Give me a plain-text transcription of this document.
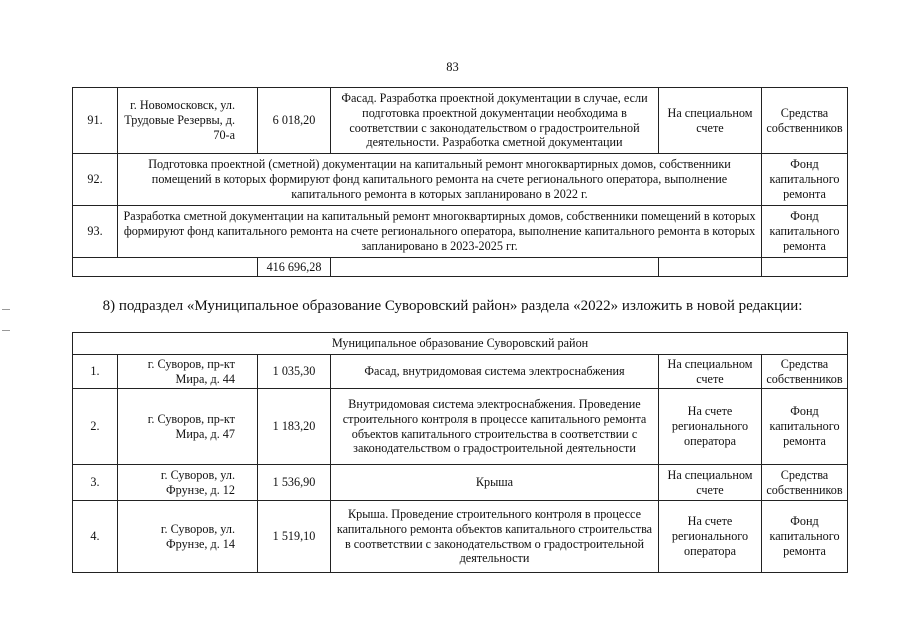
83
91.	г. Новомосковск, ул. Трудовые Резервы, д. 70-а	6 018,20	Фасад. Разработка проектной документации в случае, если подготовка проектной документации необходима в соответствии с законодательством о градостроительной деятельности. Разработка сметной документации	На специальном счете	Средства собственников
92.	Подготовка проектной (сметной) документации на капитальный ремонт многоквартирных домов, собственники помещений в которых формируют фонд капитального ремонта на счете регионального оператора, выполнение капитального ремонта в которых запланировано в 2022 г.				Фонд капитального ремонта
93.	Разработка сметной документации на капитальный ремонт многоквартирных домов, собственники помещений в которых формируют фонд капитального ремонта на счете регионального оператора, выполнение капитального ремонта в которых запланировано в 2023-2025 гг.				Фонд капитального ремонта
		416 696,28			
8) подраздел «Муниципальное образование Суворовский район» раздела «2022» изложить в новой редакции:
Муниципальное образование Суворовский район					
1.	г. Суворов, пр-кт Мира, д. 44	1 035,30	Фасад, внутридомовая система электроснабжения	На специальном счете	Средства собственников
2.	г. Суворов, пр-кт Мира, д. 47	1 183,20	Внутридомовая система электроснабжения. Проведение строительного контроля в процессе капитального ремонта объектов капитального строительства в соответствии с законодательством о градостроительной деятельности	На счете регионального оператора	Фонд капитального ремонта
3.	г. Суворов, ул. Фрунзе, д. 12	1 536,90	Крыша	На специальном счете	Средства собственников
4.	г. Суворов, ул. Фрунзе, д. 14	1 519,10	Крыша. Проведение строительного контроля в процессе капитального ремонта объектов капитального строительства в соответствии с законодательством о градостроительной деятельности	На счете регионального оператора	Фонд капитального ремонта
